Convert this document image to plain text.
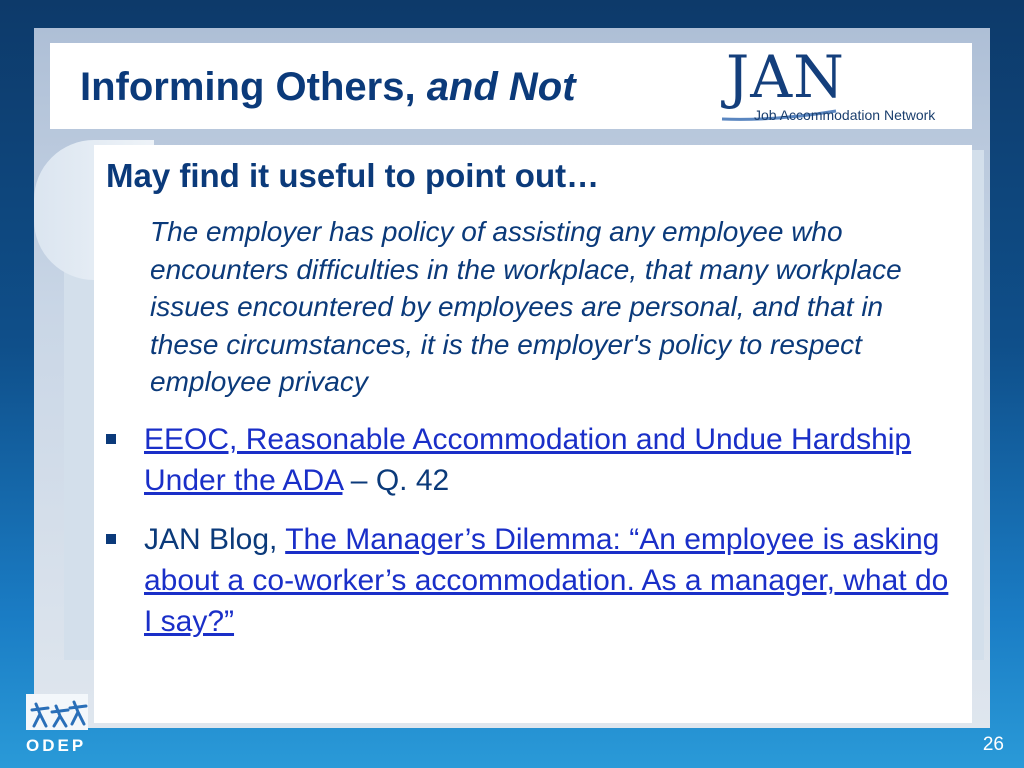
Informing Others, and Not	JAN
Job Accommodation Network
May find it useful to point out…
The employer has policy of assisting any employee who encounters difficulties in the workplace, that many workplace issues encountered by employees are personal, and that in these circumstances, it is the employer's policy to respect employee privacy
EEOC, Reasonable Accommodation and Undue Hardship Under the ADA – Q. 42
JAN Blog, The Manager’s Dilemma: “An employee is asking about a co-worker’s accommodation. As a manager, what do I say?”
ODEP	26
